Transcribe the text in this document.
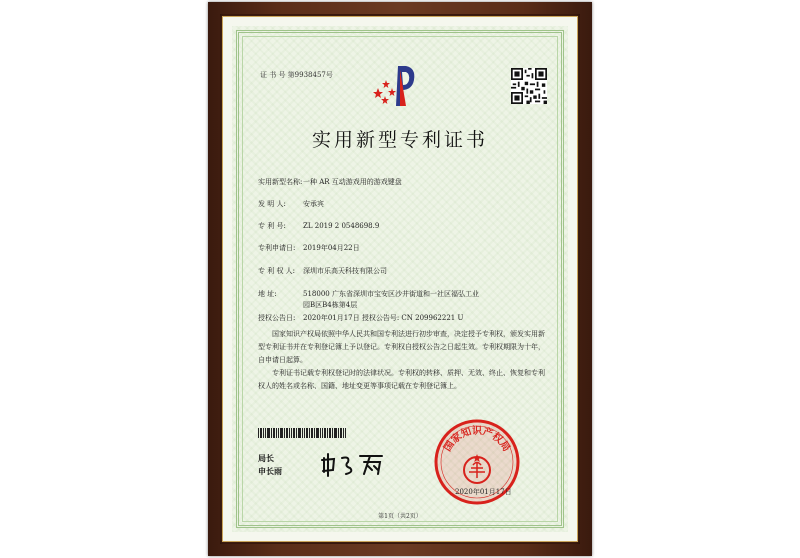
证 书 号 第9938457号
实用新型专利证书
实用新型名称:一种 AR 互动游戏用的游戏键盘
发 明 人: 安承宾
专 利 号: ZL 2019 2 0548698.9
专利申请日: 2019年04月22日
专 利 权 人: 深圳市乐高天科技有限公司
地 址:	518000 广东省深圳市宝安区沙井街道和一社区福弘工业
园B区B4栋第4层
授权公告日: 2020年01月17日 授权公告号: CN 209962221 U
国家知识产权局依照中华人民共和国专利法进行初步审查，决定授予专利权，颁发实用新型专利证书并在专利登记簿上予以登记。专利权自授权公告之日起生效。专利权期限为十年，自申请日起算。
专利证书记载专利权登记时的法律状况。专利权的转移、质押、无效、终止、恢复和专利权人的姓名或名称、国籍、地址变更等事项记载在专利登记簿上。
局长
申长雨
国家知识产权局
2020年01月17日
第1页（共2页）
